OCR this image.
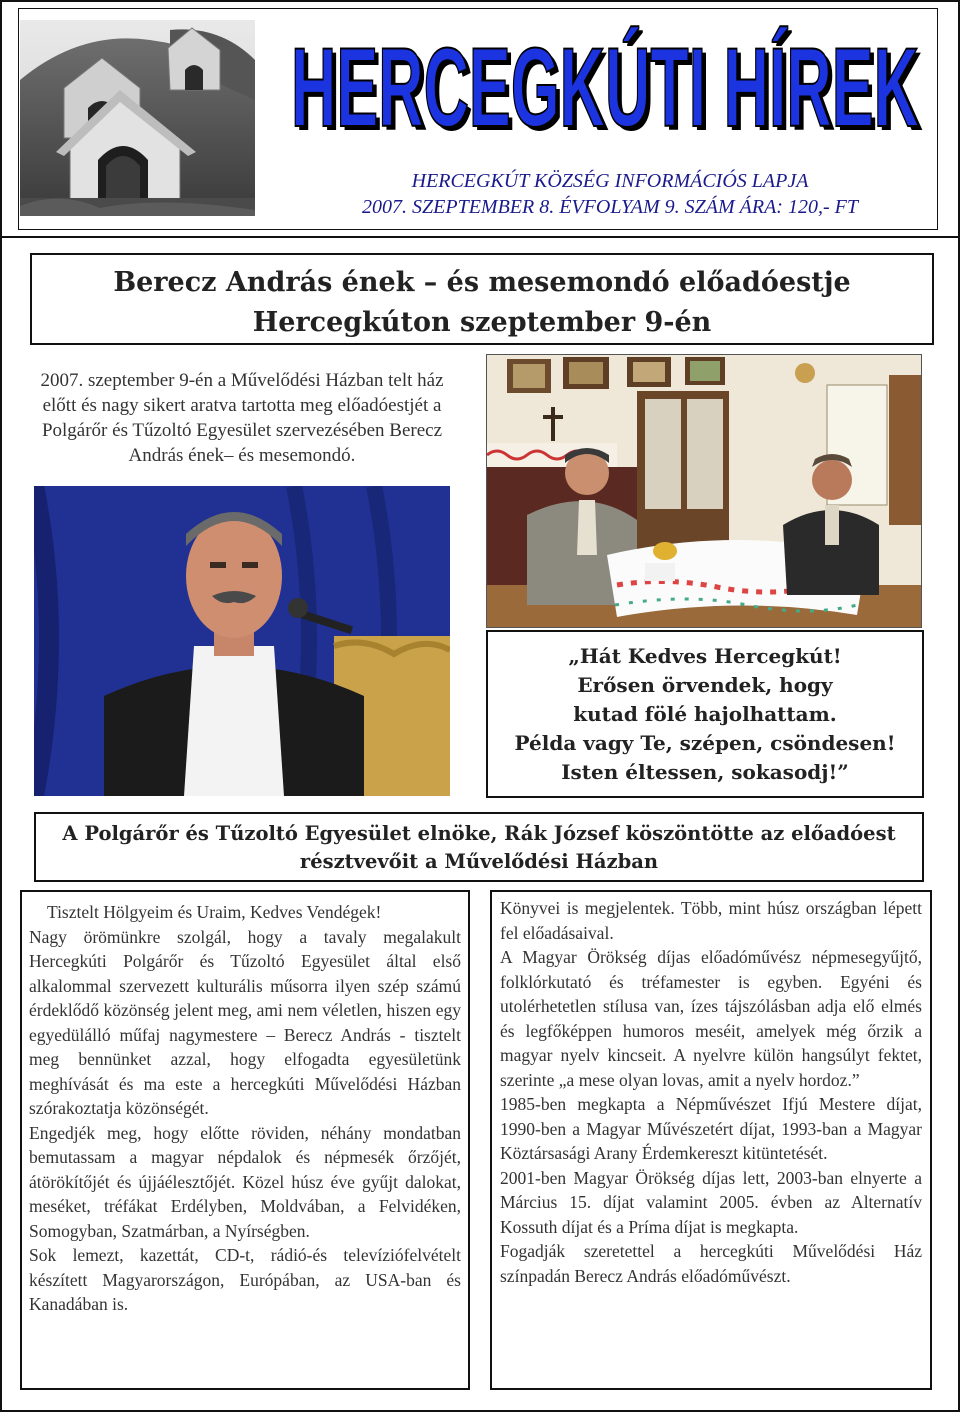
HERCEGKÚTI HÍREK
HERCEGKÚTI HÍREK
HERCEGKÚT KÖZSÉG INFORMÁCIÓS LAPJA
2007. SZEPTEMBER 8. ÉVFOLYAM 9. SZÁM ÁRA: 120,- FT
Berecz András ének – és mesemondó előadóestje
Hercegkúton szeptember 9-én
2007. szeptember 9-én a Művelődési Házban telt ház előtt és nagy sikert aratva tartotta meg előadóestjét a Polgárőr és Tűzoltó Egyesület szervezésében Berecz András ének– és mesemondó.
„Hát Kedves Hercegkút!
Erősen örvendek, hogy
kutad fölé hajolhattam.
Példa vagy Te, szépen, csöndesen!
Isten éltessen, sokasodj!”
A Polgárőr és Tűzoltó Egyesület elnöke, Rák József köszöntötte az előadóest
résztvevőit a Művelődési Házban

Tisztelt Hölgyeim és Uraim, Kedves Vendégek!

Nagy örömünkre szolgál, hogy a tavaly megalakult Hercegkúti Polgárőr és Tűzoltó Egyesület által első alkalommal szervezett kulturális műsorra ilyen szép számú érdeklődő közönség jelent meg, ami nem véletlen, hiszen egy egyedülálló műfaj nagymestere – Berecz András - tisztelt meg bennünket azzal, hogy elfogadta egyesületünk meghívását és ma este a hercegkúti Művelődési Házban szórakoztatja közönségét.

Engedjék meg, hogy előtte röviden, néhány mondatban bemutassam a magyar népdalok és népmesék őrzőjét, átörökítőjét és újjáélesztőjét. Közel húsz éve gyűjt dalokat, meséket, tréfákat Erdélyben, Moldvában, a Felvidéken, Somogyban, Szatmárban, a Nyírségben.

Sok lemezt, kazettát, CD-t, rádió-és televíziófelvételt készített Magyarországon, Európában, az USA-ban és Kanadában is.

Könyvei is megjelentek. Több, mint húsz országban lépett fel előadásaival.

A Magyar Örökség díjas előadóművész népmesegyűjtő, folklórkutató és tréfamester is egyben. Egyéni és utolérhetetlen stílusa van, ízes tájszólásban adja elő elmés és legfőképpen humoros meséit, amelyek még őrzik a magyar nyelv kincseit. A nyelvre külön hangsúlyt fektet, szerinte „a mese olyan lovas, amit a nyelv hordoz.”

1985-ben megkapta a Népművészet Ifjú Mestere díjat, 1990-ben a Magyar Művészetért díjat, 1993-ban a Magyar Köztársasági Arany Érdemkereszt kitüntetését.

2001-ben Magyar Örökség díjas lett, 2003-ban elnyerte a Március 15. díjat valamint 2005. évben az Alternatív Kossuth díjat és a Príma díjat is megkapta.

Fogadják szeretettel a hercegkúti Művelődési Ház színpadán Berecz András előadóművészt.
